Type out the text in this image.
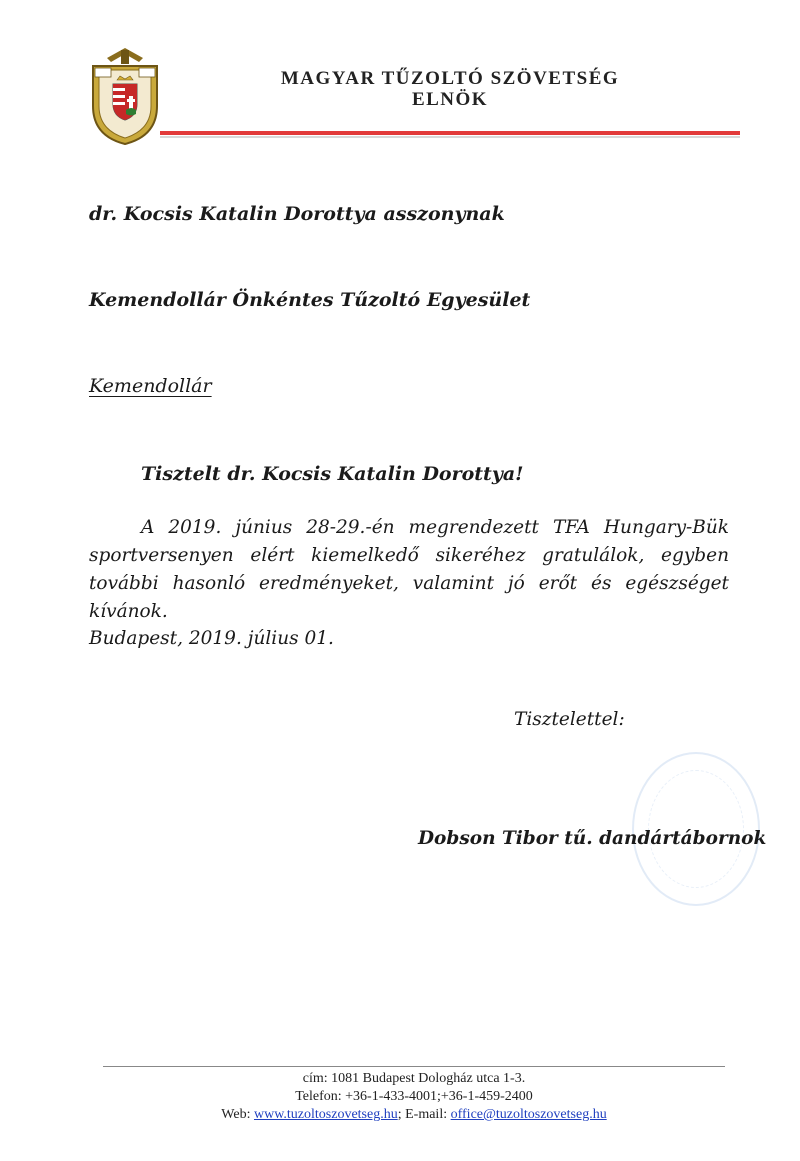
MAGYAR TŰZOLTÓ SZÖVETSÉG
ELNÖK
dr. Kocsis Katalin Dorottya asszonynak
Kemendollár Önkéntes Tűzoltó Egyesület
Kemendollár
Tisztelt dr. Kocsis Katalin Dorottya!
A 2019. június 28-29.-én megrendezett TFA Hungary-Bük sportversenyen elért kiemelkedő sikeréhez gratulálok, egyben további hasonló eredményeket, valamint jó erőt és egészséget kívánok.
Budapest, 2019. július 01.
Tisztelettel:
Dobson Tibor tű. dandártábornok
cím: 1081 Budapest Dologház utca 1-3.
Telefon: +36-1-433-4001;+36-1-459-2400
Web: www.tuzoltoszovetseg.hu; E-mail: office@tuzoltoszovetseg.hu
